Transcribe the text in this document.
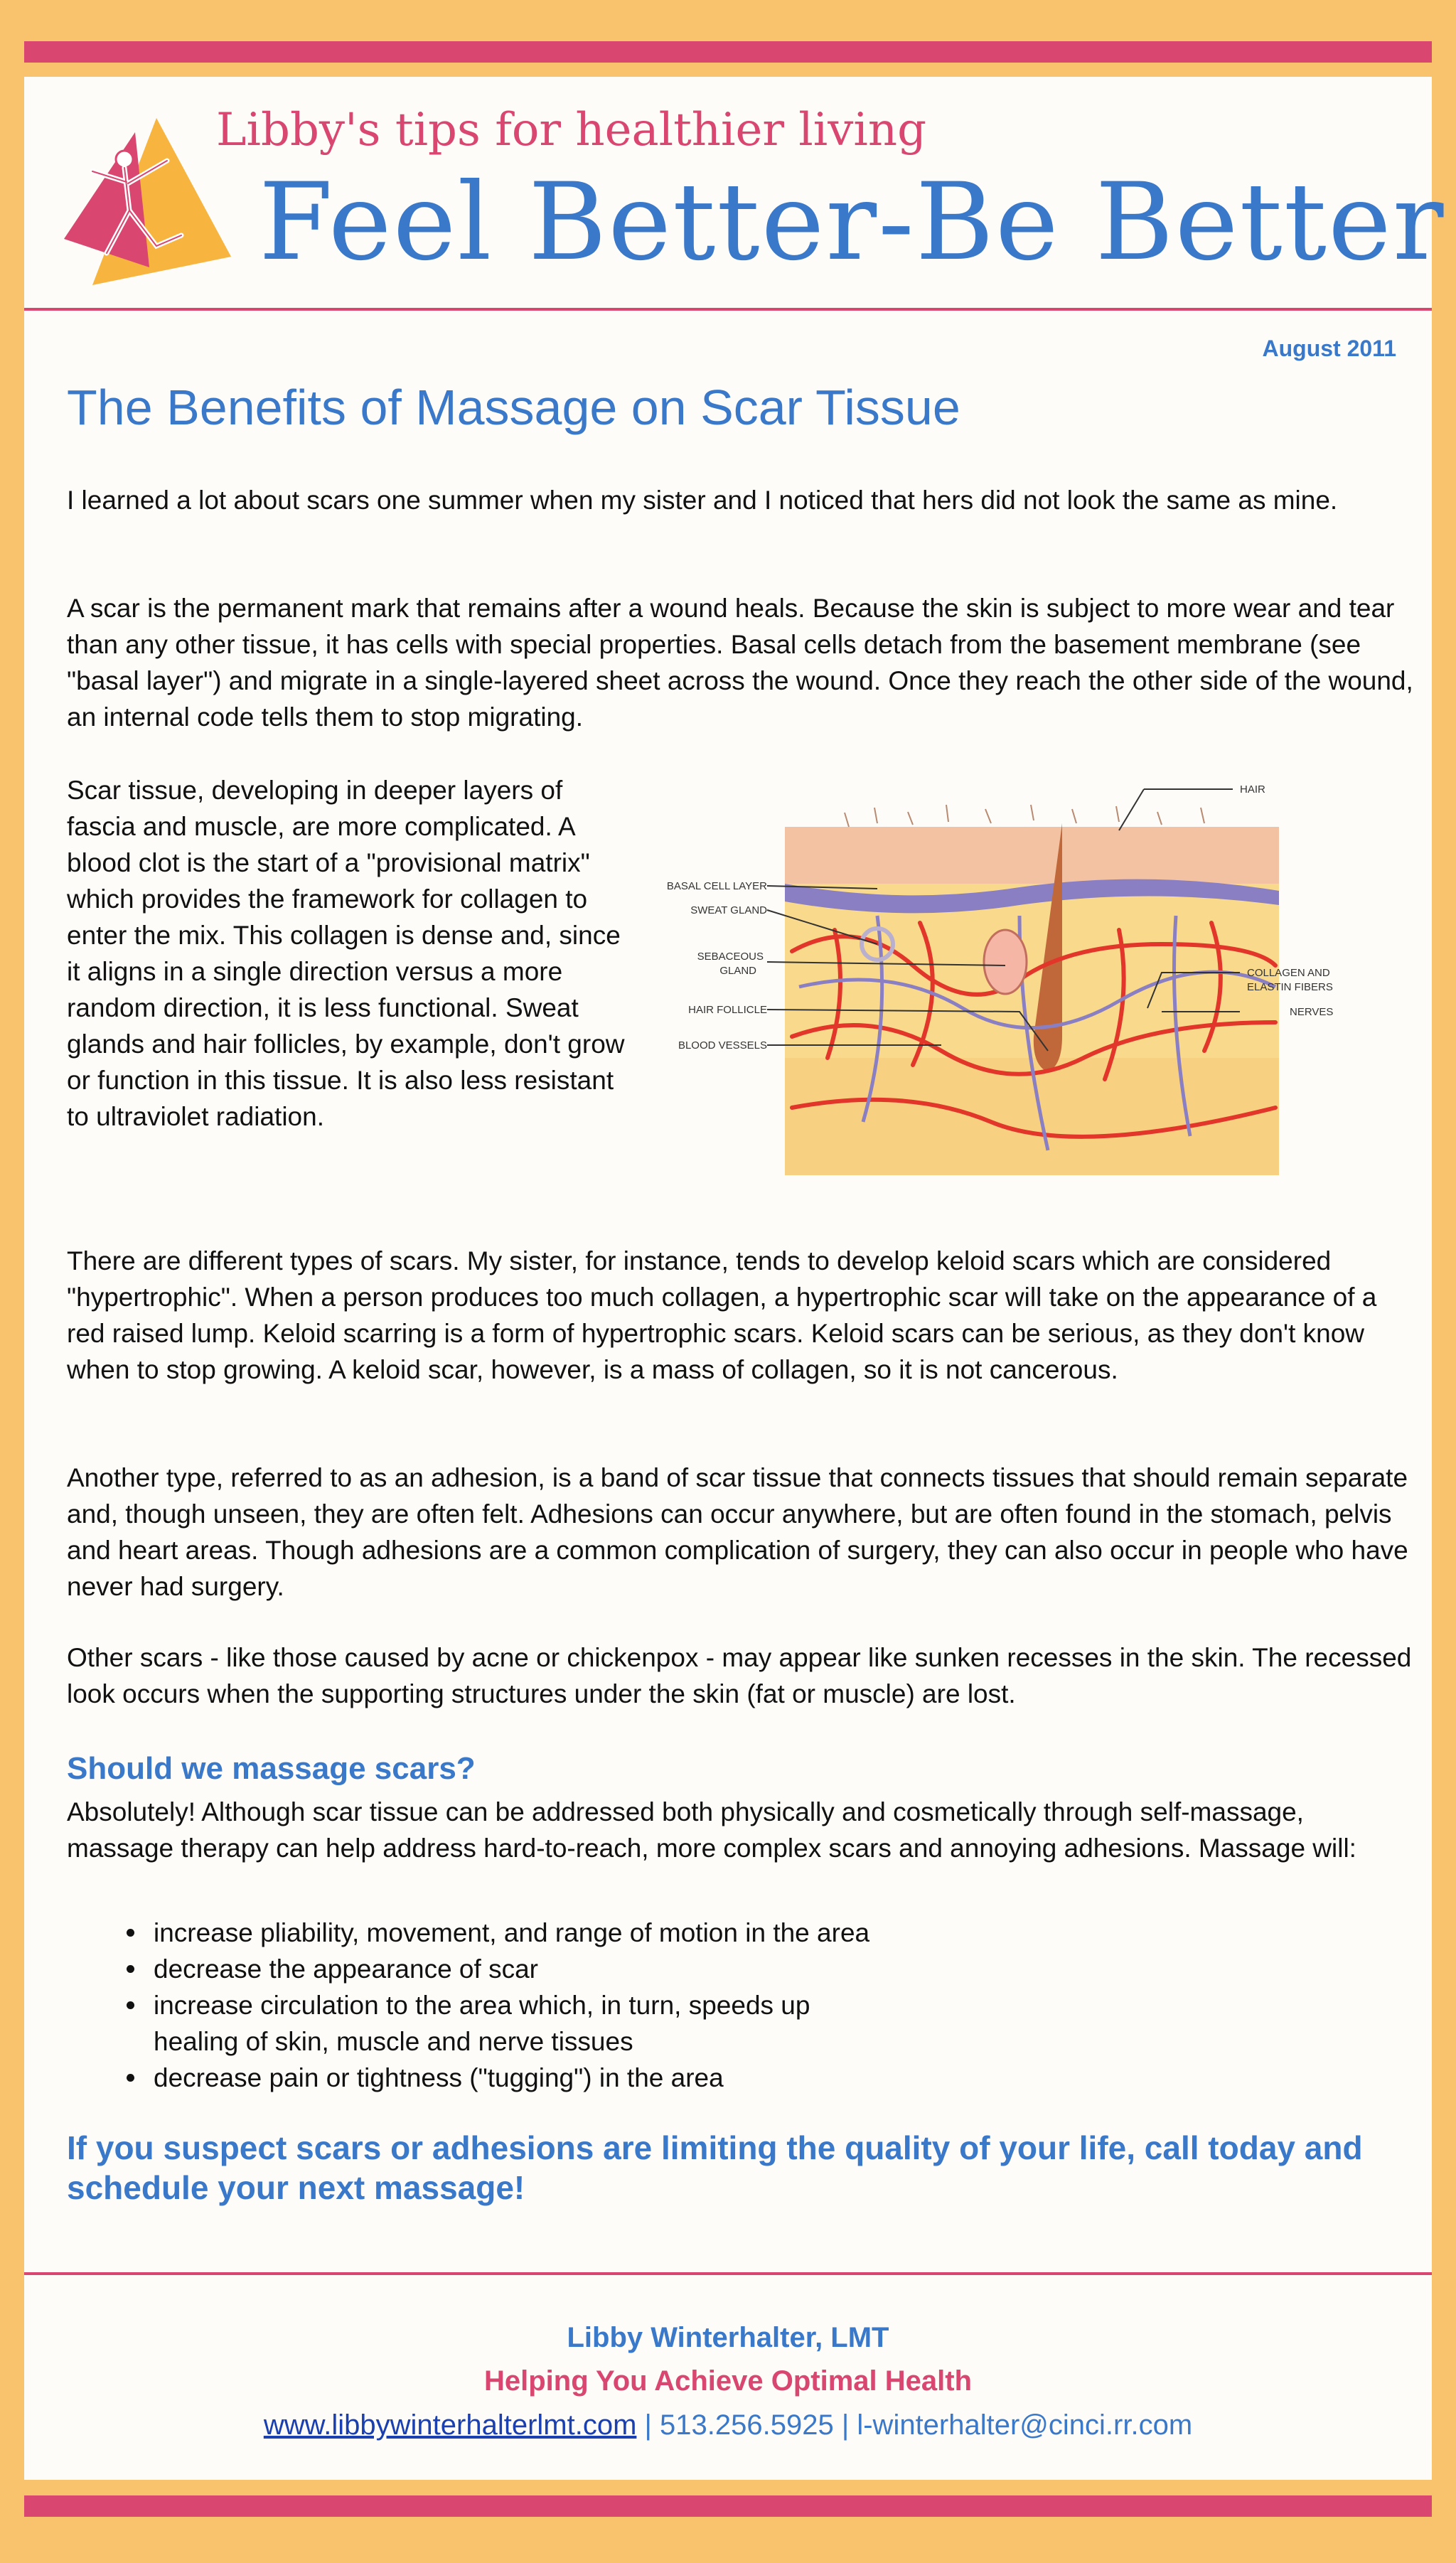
Libby's tips for healthier living
Feel Better-Be Better
August 2011
The Benefits of Massage on Scar Tissue

I learned a lot about scars one summer when my sister and I noticed that hers did not look the same as mine.

A scar is the permanent mark that remains after a wound heals. Because the skin is subject to more wear and tear than any other tissue, it has cells with special properties. Basal cells detach from the basement membrane (see "basal layer") and migrate in a single-layered sheet across the wound. Once they reach the other side of the wound, an internal code tells them to stop migrating.

Scar tissue, developing in deeper layers of fascia and muscle, are more complicated. A blood clot is the start of a "provisional matrix" which provides the framework for collagen to enter the mix. This collagen is dense and, since it aligns in a single direction versus a more random direction, it is less functional. Sweat glands and hair follicles, by example, don't grow or function in this tissue. It is also less resistant to ultraviolet radiation.

HAIR
BASAL CELL LAYER
SWEAT GLAND
SEBACEOUS
GLAND
HAIR FOLLICLE
BLOOD VESSELS
COLLAGEN AND
ELASTIN FIBERS
NERVES

There are different types of scars. My sister, for instance, tends to develop keloid scars which are considered "hypertrophic". When a person produces too much collagen, a hypertrophic scar will take on the appearance of a red raised lump. Keloid scarring is a form of hypertrophic scars. Keloid scars can be serious, as they don't know when to stop growing. A keloid scar, however, is a mass of collagen, so it is not cancerous.

Another type, referred to as an adhesion, is a band of scar tissue that connects tissues that should remain separate and, though unseen, they are often felt. Adhesions can occur anywhere, but are often found in the stomach, pelvis and heart areas. Though adhesions are a common complication of surgery, they can also occur in people who have never had surgery.

Other scars - like those caused by acne or chickenpox - may appear like sunken recesses in the skin. The recessed look occurs when the supporting structures under the skin (fat or muscle) are lost.

Should we massage scars?

Absolutely! Although scar tissue can be addressed both physically and cosmetically through self-massage, massage therapy can help address hard-to-reach, more complex scars and annoying adhesions. Massage will:

increase pliability, movement, and range of motion in the area
decrease the appearance of scar
increase circulation to the area which, in turn, speeds up healing of skin, muscle and nerve tissues
decrease pain or tightness ("tugging") in the area

If you suspect scars or adhesions are limiting the quality of your life, call today and schedule your next massage!

Libby Winterhalter, LMT
Helping You Achieve Optimal Health
www.libbywinterhalterlmt.com | 513.256.5925 | l-winterhalter@cinci.rr.com
